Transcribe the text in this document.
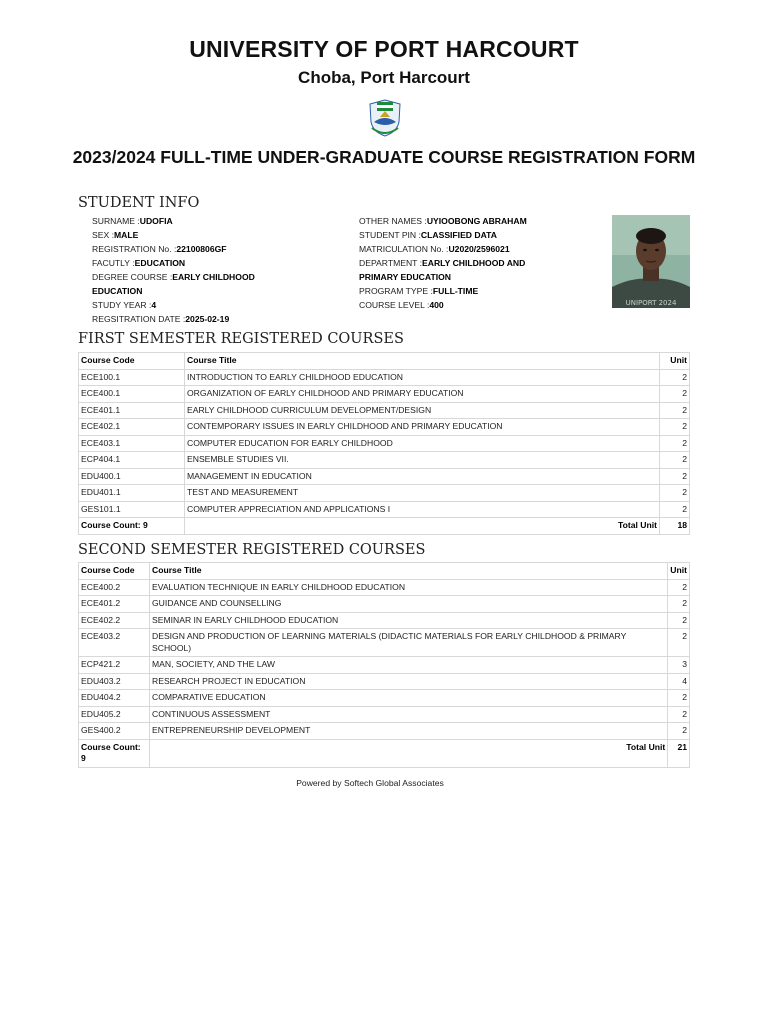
UNIVERSITY OF PORT HARCOURT
Choba, Port Harcourt
2023/2024 FULL-TIME UNDER-GRADUATE COURSE REGISTRATION FORM
STUDENT INFO
SURNAME :UDOFIA
SEX :MALE
REGISTRATION No. :22100806GF
FACUTLY :EDUCATION
DEGREE COURSE :EARLY CHILDHOOD EDUCATION
STUDY YEAR :4
REGSITRATION DATE :2025-02-19
OTHER NAMES :UYIOOBONG ABRAHAM
STUDENT PIN :CLASSIFIED DATA
MATRICULATION No. :U2020/2596021
DEPARTMENT :EARLY CHILDHOOD AND PRIMARY EDUCATION
PROGRAM TYPE :FULL-TIME
COURSE LEVEL :400	UNIPORT 2024
FIRST SEMESTER REGISTERED COURSES
Course Code	Course Title	Unit
ECE100.1	INTRODUCTION TO EARLY CHILDHOOD EDUCATION	2
ECE400.1	ORGANIZATION OF EARLY CHILDHOOD AND PRIMARY EDUCATION	2
ECE401.1	EARLY CHILDHOOD CURRICULUM DEVELOPMENT/DESIGN	2
ECE402.1	CONTEMPORARY ISSUES IN EARLY CHILDHOOD AND PRIMARY EDUCATION	2
ECE403.1	COMPUTER EDUCATION FOR EARLY CHILDHOOD	2
ECP404.1	ENSEMBLE STUDIES VII.	2
EDU400.1	MANAGEMENT IN EDUCATION	2
EDU401.1	TEST AND MEASUREMENT	2
GES101.1	COMPUTER APPRECIATION AND APPLICATIONS I	2
Course Count: 9	Total Unit	18
SECOND SEMESTER REGISTERED COURSES
Course Code	Course Title	Unit
ECE400.2	EVALUATION TECHNIQUE IN EARLY CHILDHOOD EDUCATION	2
ECE401.2	GUIDANCE AND COUNSELLING	2
ECE402.2	SEMINAR IN EARLY CHILDHOOD EDUCATION	2
ECE403.2	DESIGN AND PRODUCTION OF LEARNING MATERIALS (DIDACTIC MATERIALS FOR EARLY CHILDHOOD & PRIMARY SCHOOL)	2
ECP421.2	MAN, SOCIETY, AND THE LAW	3
EDU403.2	RESEARCH PROJECT IN EDUCATION	4
EDU404.2	COMPARATIVE EDUCATION	2
EDU405.2	CONTINUOUS ASSESSMENT	2
GES400.2	ENTREPRENEURSHIP DEVELOPMENT	2
Course Count: 9	Total Unit	21
Powered by Softech Global Associates
